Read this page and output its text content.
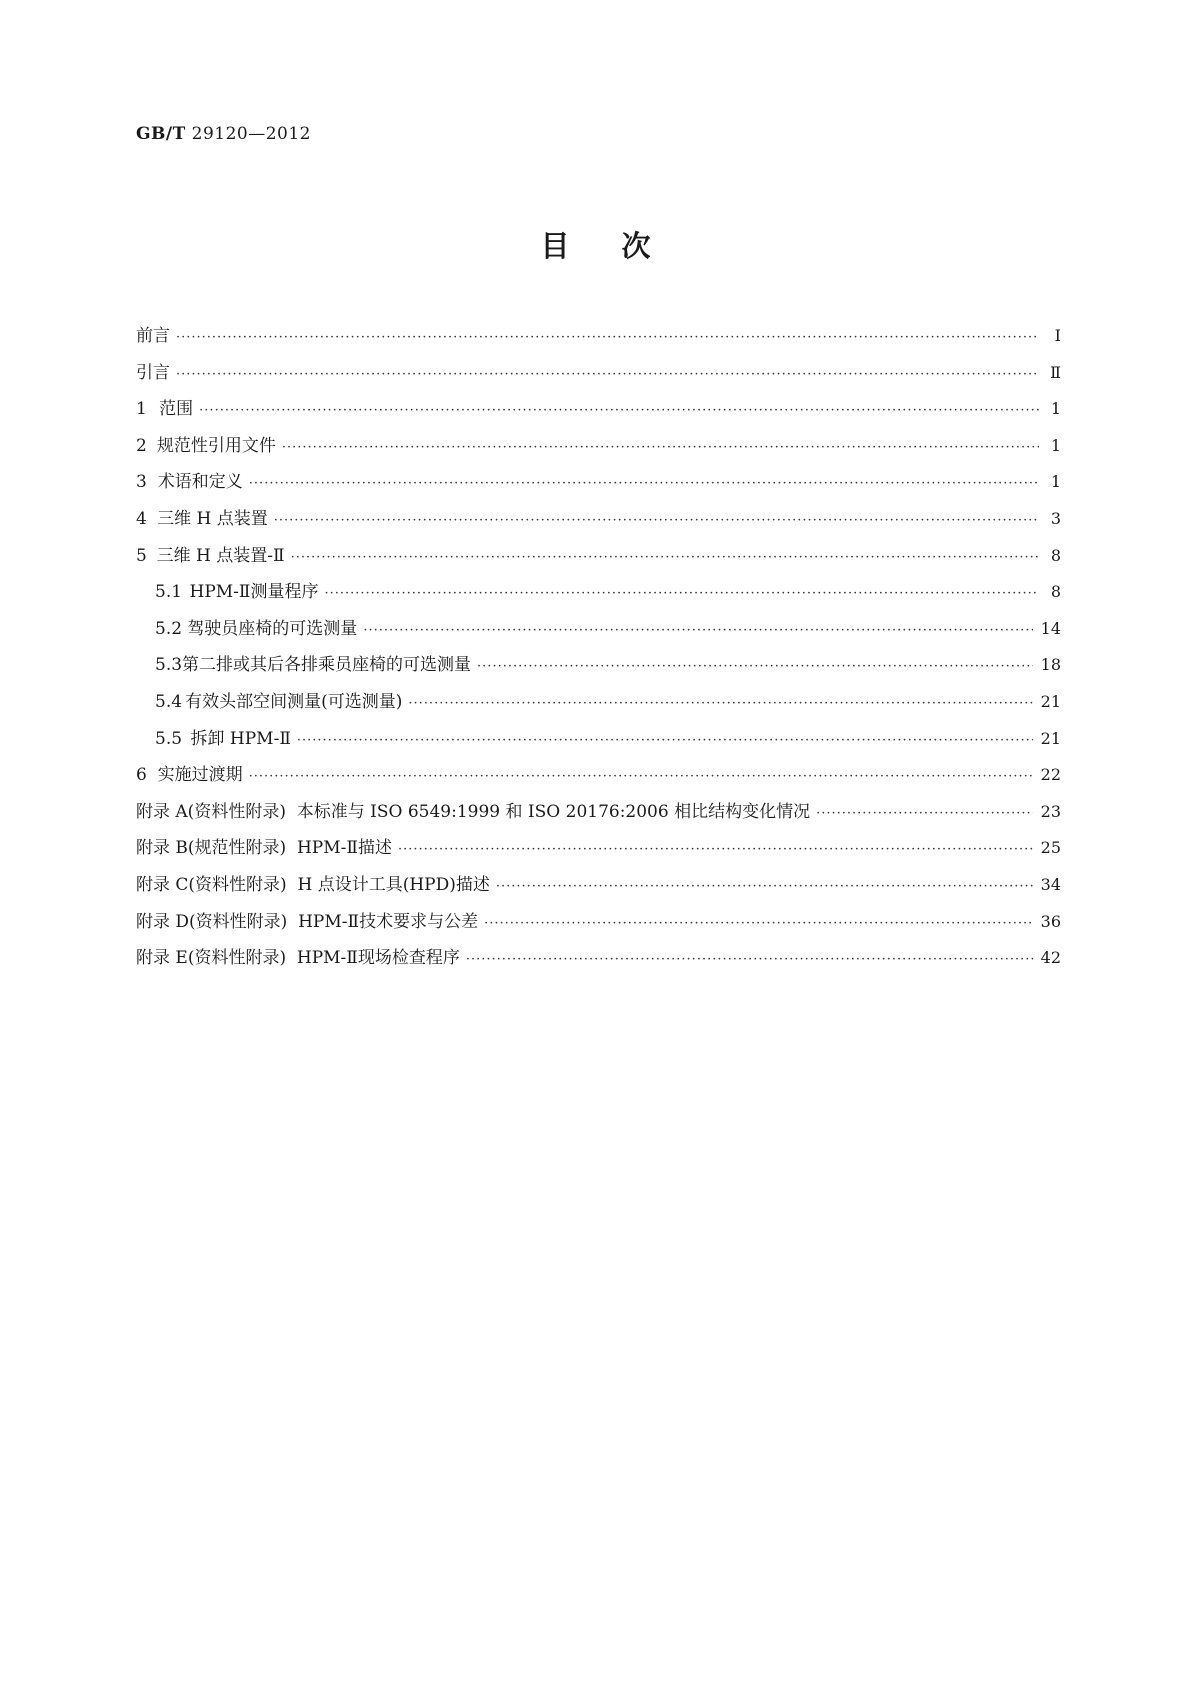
GB/T 29120—2012
目次
前言 ·····	Ⅰ
引言 ·····	Ⅱ
1 范围 ·····	1
2 规范性引用文件 ·····	1
3 术语和定义 ·····	1
4 三维 H 点装置 ·····	3
5 三维 H 点装置-Ⅱ ·····	8
5.1 HPM-Ⅱ测量程序 ·····	8
5.2 驾驶员座椅的可选测量 ·····	14
5.3 第二排或其后各排乘员座椅的可选测量 ·····	18
5.4 有效头部空间测量(可选测量) ·····	21
5.5 拆卸 HPM-Ⅱ ·····	21
6 实施过渡期 ·····	22
附录 A(资料性附录)  本标准与 ISO 6549:1999 和 ISO 20176:2006 相比结构变化情况 ·····	23
附录 B(规范性附录)  HPM-Ⅱ描述 ·····	25
附录 C(资料性附录)  H 点设计工具(HPD)描述 ·····	34
附录 D(资料性附录)  HPM-Ⅱ技术要求与公差 ·····	36
附录 E(资料性附录)  HPM-Ⅱ现场检查程序 ·····	42
